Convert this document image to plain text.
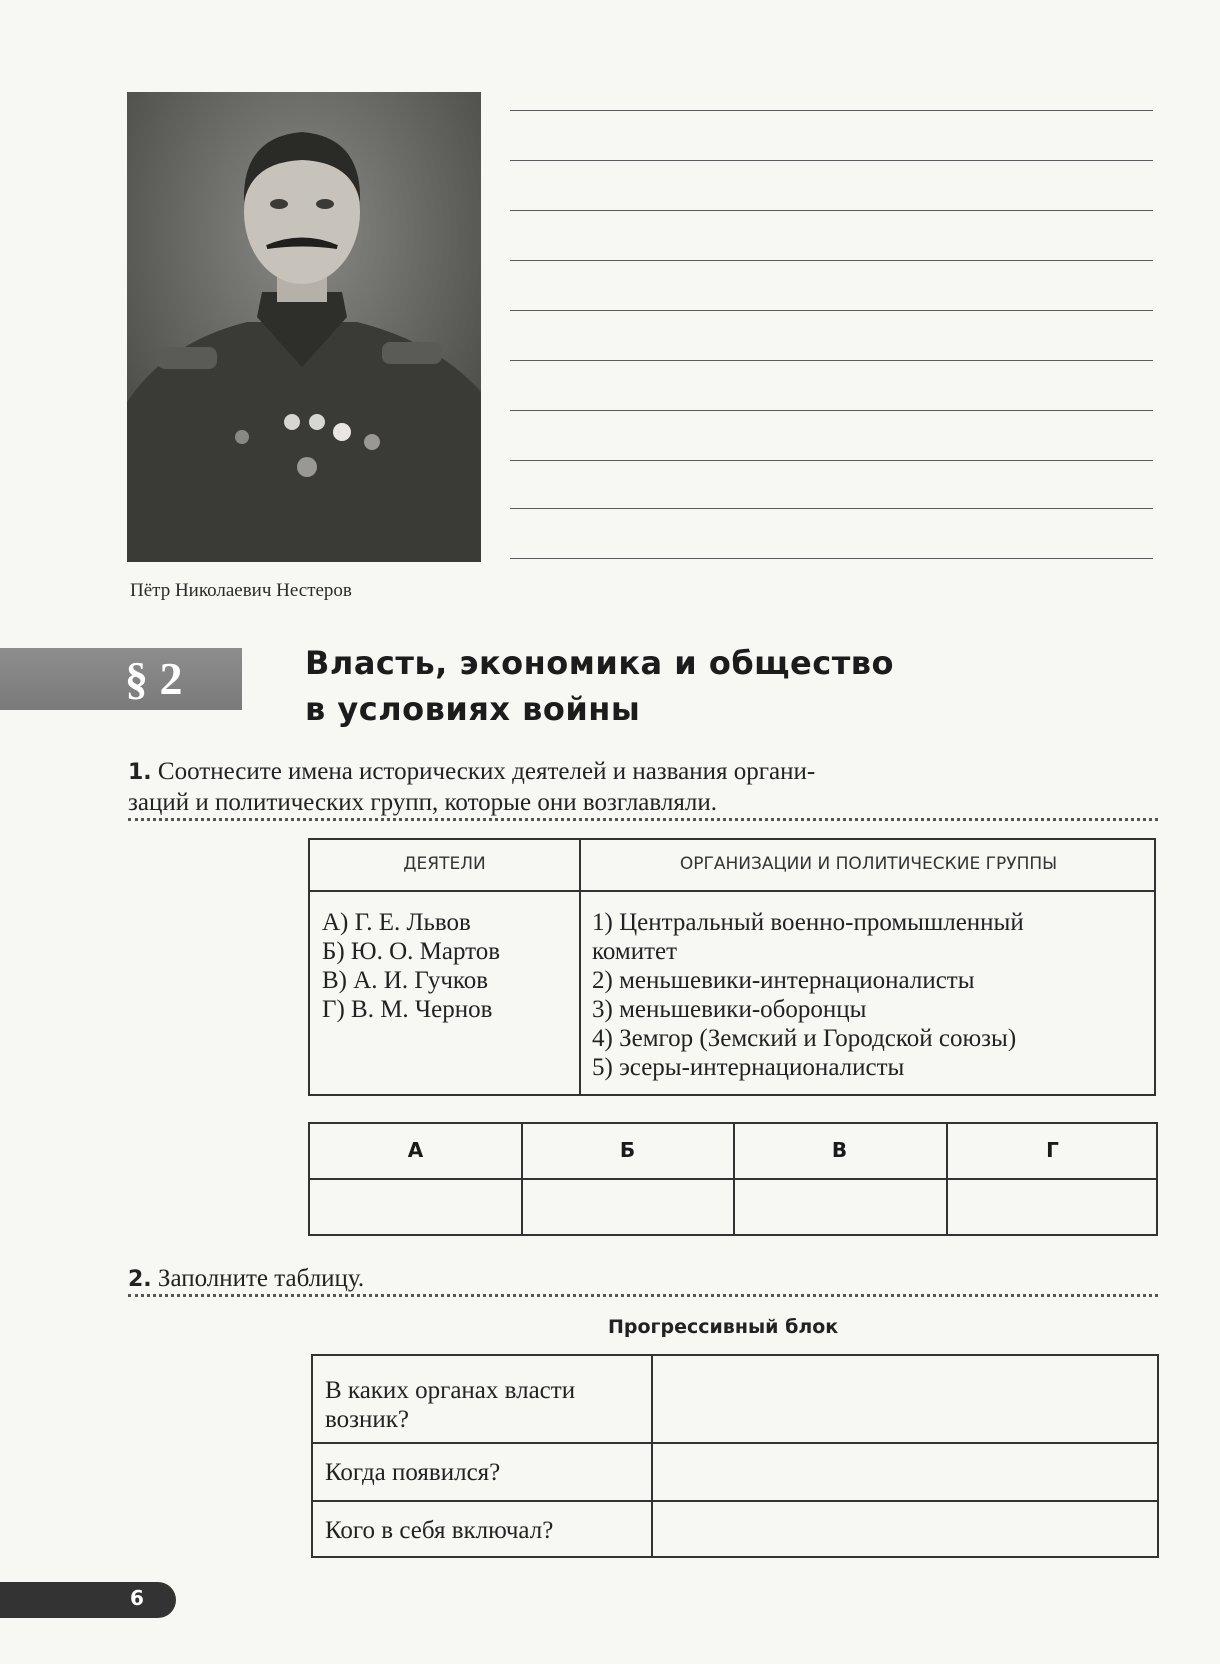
Пётр Николаевич Нестеров
§ 2	Власть, экономика и общество
в условиях войны
1. Соотнесите имена исторических деятелей и названия органи-
заций и политических групп, которые они возглавляли.
ДЕЯТЕЛИ	ОРГАНИЗАЦИИ И ПОЛИТИЧЕСКИЕ ГРУППЫ
А) Г. Е. Львов
Б) Ю. О. Мартов
В) А. И. Гучков
Г) В. М. Чернов
1) Центральный военно-промышленный
комитет
2) меньшевики-интернационалисты
3) меньшевики-оборонцы
4) Земгор (Земский и Городской союзы)
5) эсеры-интернационалисты
А	Б	В	Г
2. Заполните таблицу.
Прогрессивный блок
В каких органах власти возник?
Когда появился?
Кого в себя включал?
6
